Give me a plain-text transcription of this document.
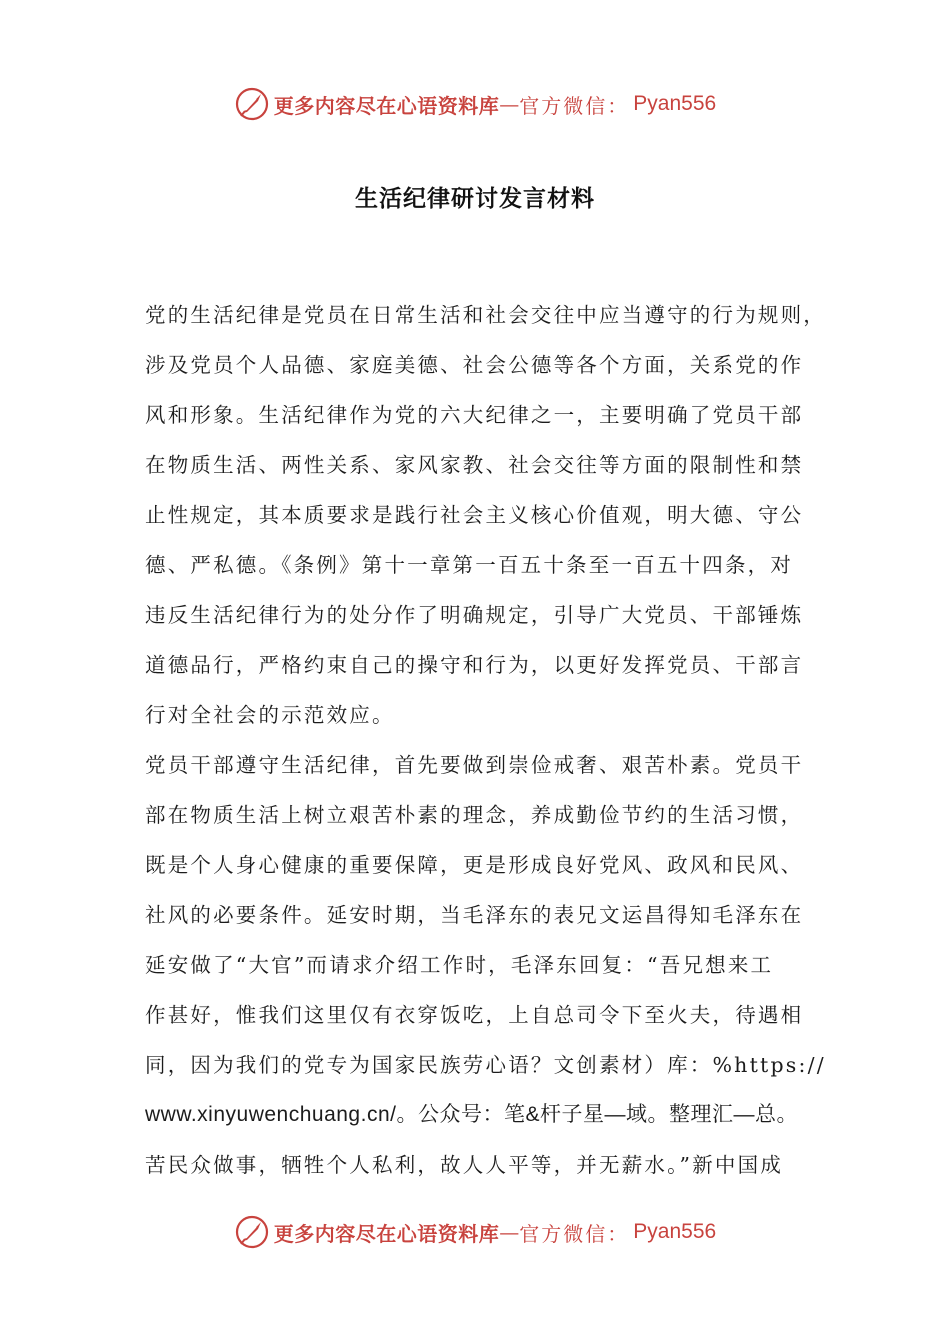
更多内容尽在心语资料库 — 官方微信： Pyan556
生活纪律研讨发言材料
党的生活纪律是党员在日常生活和社会交往中应当遵守的行为规则，
涉及党员个人品德、家庭美德、社会公德等各个方面，关系党的作
风和形象。生活纪律作为党的六大纪律之一，主要明确了党员干部
在物质生活、两性关系、家风家教、社会交往等方面的限制性和禁
止性规定，其本质要求是践行社会主义核心价值观，明大德、守公
德、严私德。《条例》第十一章第一百五十条至一百五十四条，对
违反生活纪律行为的处分作了明确规定，引导广大党员、干部锤炼
道德品行，严格约束自己的操守和行为，以更好发挥党员、干部言
行对全社会的示范效应。
党员干部遵守生活纪律，首先要做到崇俭戒奢、艰苦朴素。党员干
部在物质生活上树立艰苦朴素的理念，养成勤俭节约的生活习惯，
既是个人身心健康的重要保障，更是形成良好党风、政风和民风、
社风的必要条件。延安时期，当毛泽东的表兄文运昌得知毛泽东在
延安做了“大官”而请求介绍工作时，毛泽东回复：“吾兄想来工
作甚好，惟我们这里仅有衣穿饭吃，上自总司令下至火夫，待遇相
同，因为我们的党专为国家民族劳心语？文创素材）库：%https://
www.xinyuwenchuang.cn/。公众号：笔&杆子星—域。整理汇—总。
苦民众做事，牺牲个人私利，故人人平等，并无薪水。”新中国成
更多内容尽在心语资料库 — 官方微信： Pyan556
